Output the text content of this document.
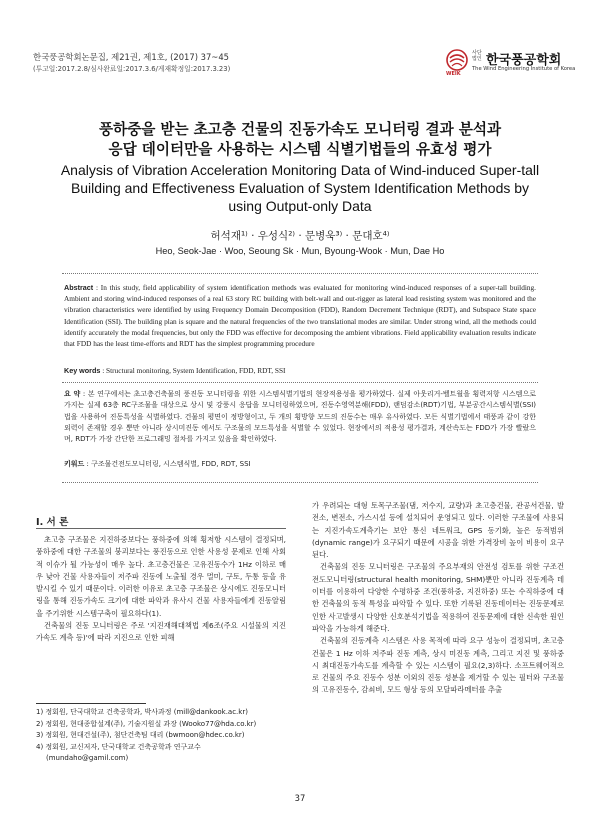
한국풍공학회논문집, 제21권, 제1호, (2017) 37~45
(투고일:2017.2.8/심사완료일:2017.3.6/게재확정일:2017.3.23)
WEIK
사단 법인 한국풍공학회
The Wind Engineering Institute of Korea
풍하중을 받는 초고층 건물의 진동가속도 모니터링 결과 분석과
응답 데이터만을 사용하는 시스템 식별기법들의 유효성 평가
Analysis of Vibration Acceleration Monitoring Data of Wind-induced Super-tall
Building and Effectiveness Evaluation of System Identification Methods by
using Output-only Data
허석재¹⁾ · 우성식²⁾ · 문병욱³⁾ · 문대호⁴⁾
Heo, Seok-Jae · Woo, Seoung Sk · Mun, Byoung-Wook · Mun, Dae Ho
Abstract : In this study, field applicability of system identification methods was evaluated for monitoring wind-induced responses of a super-tall building. Ambient and storing wind-induced responses of a real 63 story RC building with belt-wall and out-rigger as lateral load resisting system was monitored and the vibration characteristics were identified by using Frequency Domain Decomposition (FDD), Random Decrement Technique (RDT), and Subspace State space Identification (SSI). The building plan is square and the natural frequencies of the two translational modes are similar. Under strong wind, all the methods could identify accurately the modal frequencies, but only the FDD was effective for decomposing the ambient vibrations. Field applicability evaluation results indicate that FDD has the least time-efforts and RDT has the simplest programming procedure
Key words : Structural monitoring, System Identification, FDD, RDT, SSI
요 약 : 본 연구에서는 초고층건축물의 풍진동 모니터링을 위한 시스템식별기법의 현장적용성을 평가하였다. 실제 아웃리거-벨트월을 횡력저항 시스템으로 가지는 실제 63층 RC구조물을 대상으로 상시 및 강풍시 응답을 모니터링하였으며, 진동수영역분해(FDD), 랜덤감소(RDT)기법, 부분공간시스템식별(SSI)법을 사용하여 진동특성을 식별하였다. 건물의 평면이 정방형이고, 두 개의 횡방향 모드의 진동수는 매우 유사하였다. 모든 식별기법에서 태풍과 같이 강한 외력이 존재할 경우 뿐만 아니라 상시미진동 에서도 구조물의 모드특성을 식별할 수 있었다. 현장에서의 적용성 평가결과, 계산속도는 FDD가 가장 빨랐으며, RDT가 가장 간단한 프로그래밍 절차를 가지고 있음을 확인하였다.
키워드 : 구조물건전도모니터링, 시스템식별, FDD, RDT, SSI
I. 서 론

초고층 구조물은 지진하중보다는 풍하중에 의해 횡저항 시스템이 결정되며, 풍하중에 대한 구조물의 붕괴보다는 풍진동으로 인한 사용성 문제로 인해 사회적 이슈가 될 가능성이 매우 높다. 초고층건물은 고유진동수가 1Hz 이하로 매우 낮아 건물 사용자들이 저주파 진동에 노출될 경우 멀미, 구토, 두통 등을 유발시킬 수 있기 때문이다. 이러한 이유로 초고층 구조물은 상시에도 진동모니터링을 통해 진동가속도 크기에 대한 파악과 유사시 건물 사용자들에게 진동알림을 주기위한 시스템구축이 필요하다(1).

건축물의 진동 모니터링은 주로 '지진재해대책법 제6조(주요 시설물의 지진가속도 계측 등)'에 따라 지진으로 인한 피해

1) 정회원, 단국대학교 건축공학과, 박사과정 (mill@dankook.ac.kr)
2) 정회원, 현대종합설계(주), 기술지원실 과장 (Wooko77@hda.co.kr)
3) 정회원, 현대건설(주), 첨단건축팀 대리 (bwmoon@hdec.co.kr)
4) 정회원, 교신저자, 단국대학교 건축공학과 연구교수
(mundaho@gamil.com)

가 우려되는 대형 토목구조물(댐, 저수지, 교량)과 초고층건물, 관공서건물, 발전소, 변전소, 가스시설 등에 설치되어 운영되고 있다. 이러한 구조물에 사용되는 지진가속도계측기는 보안 통신 네트워크, GPS 동기화, 높은 동적범위(dynamic range)가 요구되기 때문에 시공을 위한 가격장비 높이 비용이 요구된다.

건축물의 진동 모니터링은 구조물의 주요부재의 안전성 검토를 위한 구조건전도모니터링(structural health monitoring, SHM)뿐만 아니라 진동계측 데이터를 이용하여 다양한 수평하중 조건(풍하중, 지진하중) 또는 수직하중에 대한 건축물의 동적 특성을 파악할 수 있다. 또한 기록된 진동데이터는 진동문제로 인한 사고발생시 다양한 신호분석기법을 적용하여 진동문제에 대한 신속한 원인 파악을 가능하게 해준다.

건축물의 진동계측 시스템은 사용 목적에 따라 요구 성능이 결정되며, 초고층 건물은 1 Hz 이하 저주파 진동 계측, 상시 미진동 계측, 그리고 지진 및 풍하중시 최대진동가속도를 계측할 수 있는 시스템이 필요(2,3)하다. 소프트웨어적으로 건물의 주요 진동수 성분 이외의 진동 성분을 제거할 수 있는 필터와 구조물의 고유진동수, 감쇠비, 모드 형상 등의 모달파라메터를 추출

37
